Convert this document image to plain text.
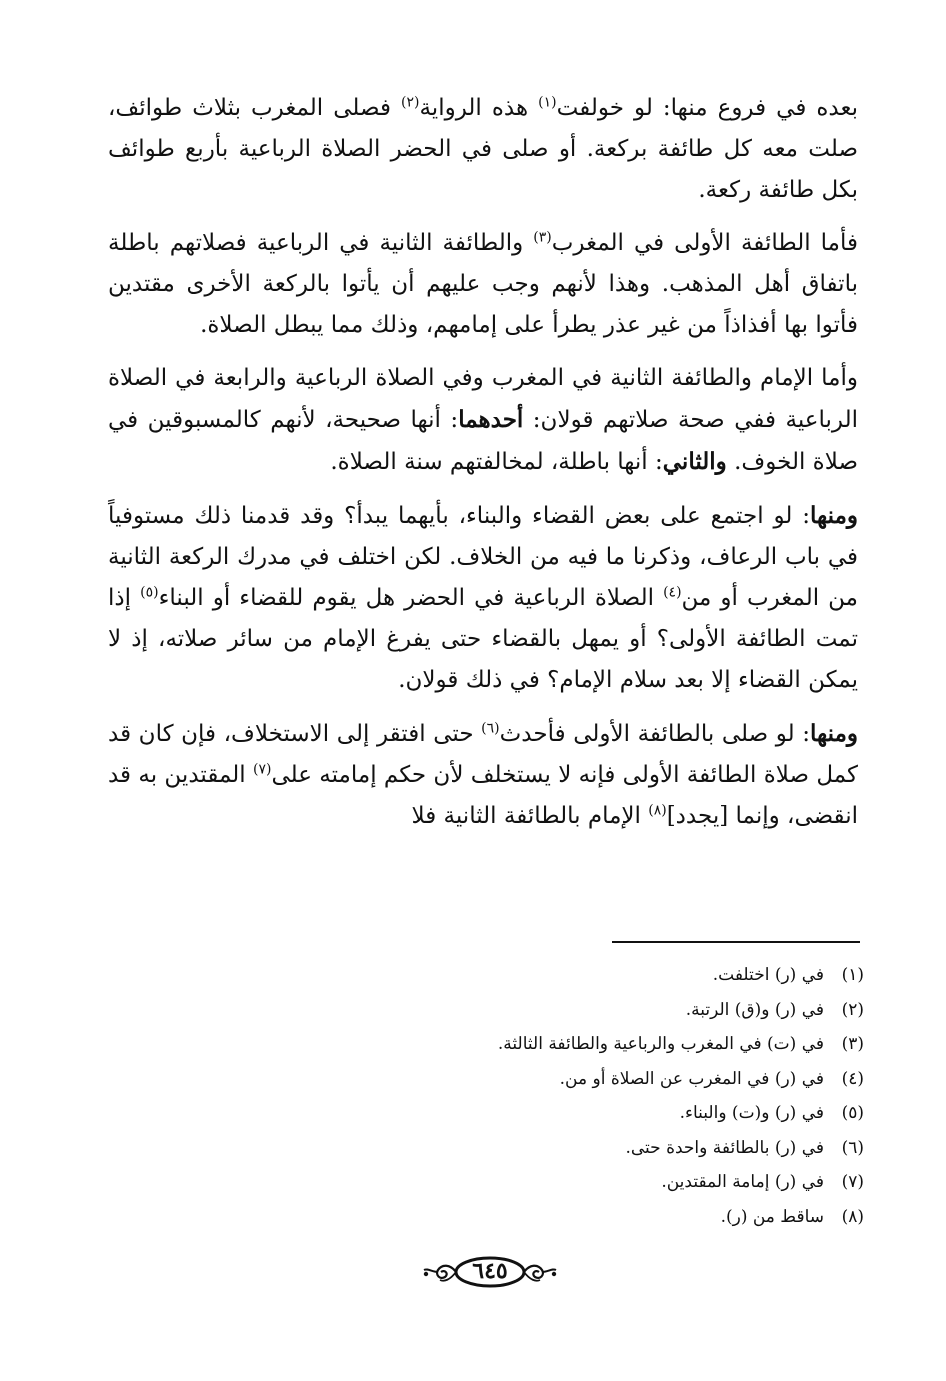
بعده في فروع منها: لو خولفت$^{(١)}$ هذه الرواية$^{(٢)}$ فصلى المغرب بثلاث طوائف، صلت معه كل طائفة بركعة. أو صلى في الحضر الصلاة الرباعية بأربع طوائف بكل طائفة ركعة.

فأما الطائفة الأولى في المغرب$^{(٣)}$ والطائفة الثانية في الرباعية فصلاتهم باطلة باتفاق أهل المذهب. وهذا لأنهم وجب عليهم أن يأتوا بالركعة الأخرى مقتدين فأتوا بها أفذاذاً من غير عذر يطرأ على إمامهم، وذلك مما يبطل الصلاة.

وأما الإمام والطائفة الثانية في المغرب وفي الصلاة الرباعية والرابعة في الصلاة الرباعية ففي صحة صلاتهم قولان: أحدهما: أنها صحيحة، لأنهم كالمسبوقين في صلاة الخوف. والثاني: أنها باطلة، لمخالفتهم سنة الصلاة.

ومنها: لو اجتمع على بعض القضاء والبناء، بأيهما يبدأ؟ وقد قدمنا ذلك مستوفياً في باب الرعاف، وذكرنا ما فيه من الخلاف. لكن اختلف في مدرك الركعة الثانية من المغرب أو من$^{(٤)}$ الصلاة الرباعية في الحضر هل يقوم للقضاء أو البناء$^{(٥)}$ إذا تمت الطائفة الأولى؟ أو يمهل بالقضاء حتى يفرغ الإمام من سائر صلاته، إذ لا يمكن القضاء إلا بعد سلام الإمام؟ في ذلك قولان.

ومنها: لو صلى بالطائفة الأولى فأحدث$^{(٦)}$ حتى افتقر إلى الاستخلاف، فإن كان قد كمل صلاة الطائفة الأولى فإنه لا يستخلف لأن حكم إمامته على$^{(٧)}$ المقتدين به قد انقضى، وإنما [يجدد]$^{(٨)}$ الإمام بالطائفة الثانية فلا

(١)في (ر) اختلفت.
(٢)في (ر) و(ق) الرتبة.
(٣)في (ت) في المغرب والرباعية والطائفة الثالثة.
(٤)في (ر) في المغرب عن الصلاة أو من.
(٥)في (ر) و(ت) والبناء.
(٦)في (ر) بالطائفة واحدة حتى.
(٧)في (ر) إمامة المقتدين.
(٨)ساقط من (ر).
٦٤٥
